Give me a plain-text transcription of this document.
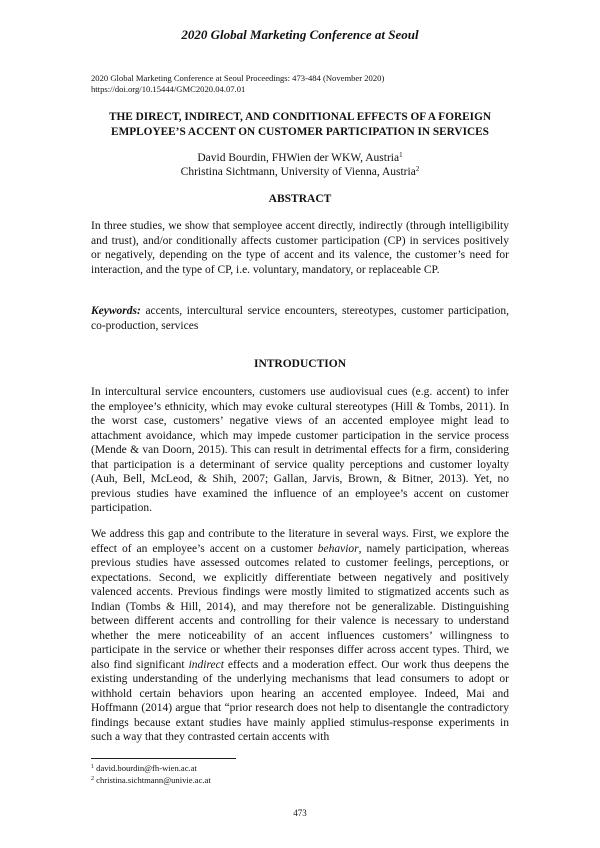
2020 Global Marketing Conference at Seoul
2020 Global Marketing Conference at Seoul Proceedings: 473-484 (November 2020)
https://doi.org/10.15444/GMC2020.04.07.01
THE DIRECT, INDIRECT, AND CONDITIONAL EFFECTS OF A FOREIGN
EMPLOYEE’S ACCENT ON CUSTOMER PARTICIPATION IN SERVICES
David Bourdin, FHWien der WKW, Austria$^1$
Christina Sichtmann, University of Vienna, Austria$^2$
ABSTRACT

In three studies, we show that semployee accent directly, indirectly (through intelligibility and trust), and/or conditionally affects customer participation (CP) in services positively or negatively, depending on the type of accent and its valence, the customer’s need for interaction, and the type of CP, i.e. voluntary, mandatory, or replaceable CP.

Keywords: accents, intercultural service encounters, stereotypes, customer participation, co-production, services

INTRODUCTION

In intercultural service encounters, customers use audiovisual cues (e.g. accent) to infer the employee’s ethnicity, which may evoke cultural stereotypes (Hill & Tombs, 2011). In the worst case, customers’ negative views of an accented employee might lead to attachment avoidance, which may impede customer participation in the service process (Mende & van Doorn, 2015). This can result in detrimental effects for a firm, considering that participation is a determinant of service quality perceptions and customer loyalty (Auh, Bell, McLeod, & Shih, 2007; Gallan, Jarvis, Brown, & Bitner, 2013). Yet, no previous studies have examined the influence of an employee’s accent on customer participation.

We address this gap and contribute to the literature in several ways. First, we explore the effect of an employee’s accent on a customer behavior, namely participation, whereas previous studies have assessed outcomes related to customer feelings, perceptions, or expectations. Second, we explicitly differentiate between negatively and positively valenced accents. Previous findings were mostly limited to stigmatized accents such as Indian (Tombs & Hill, 2014), and may therefore not be generalizable. Distinguishing between different accents and controlling for their valence is necessary to understand whether the mere noticeability of an accent influences customers’ willingness to participate in the service or whether their responses differ across accent types. Third, we also find significant indirect effects and a moderation effect. Our work thus deepens the existing understanding of the underlying mechanisms that lead consumers to adopt or withhold certain behaviors upon hearing an accented employee. Indeed, Mai and Hoffmann (2014) argue that “prior research does not help to disentangle the contradictory findings because extant studies have mainly applied stimulus-response experiments in such a way that they contrasted certain accents with

$^1$ david.bourdin@fh-wien.ac.at
$^2$ christina.sichtmann@univie.ac.at
473
